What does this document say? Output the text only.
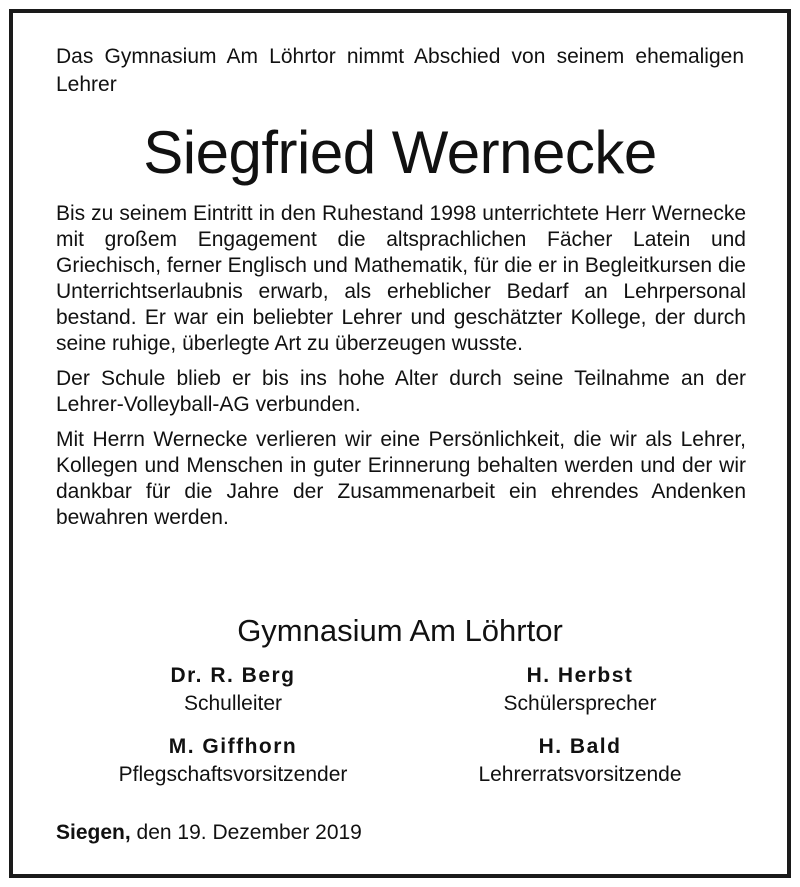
Das Gymnasium Am Löhrtor nimmt Abschied von seinem ehemaligen Lehrer
Siegfried Wernecke

Bis zu seinem Eintritt in den Ruhestand 1998 unterrichtete Herr Wernecke mit großem Engagement die altsprachlichen Fächer Latein und Griechisch, ferner Englisch und Mathematik, für die er in Begleitkursen die Unterrichtserlaubnis erwarb, als erheblicher Bedarf an Lehrpersonal bestand. Er war ein beliebter Lehrer und geschätzter Kollege, der durch seine ruhige, überlegte Art zu überzeugen wusste.

Der Schule blieb er bis ins hohe Alter durch seine Teilnahme an der Lehrer-Volleyball-AG verbunden.

Mit Herrn Wernecke verlieren wir eine Persönlichkeit, die wir als Lehrer, Kollegen und Menschen in guter Erinnerung behalten werden und der wir dankbar für die Jahre der Zusammenarbeit ein ehrendes Andenken bewahren werden.

Gymnasium Am Löhrtor
Dr. R. Berg
Schulleiter
H. Herbst
Schülersprecher
M. Giffhorn
Pflegschaftsvorsitzender
H. Bald
Lehrerratsvorsitzende
Siegen, den 19. Dezember 2019
